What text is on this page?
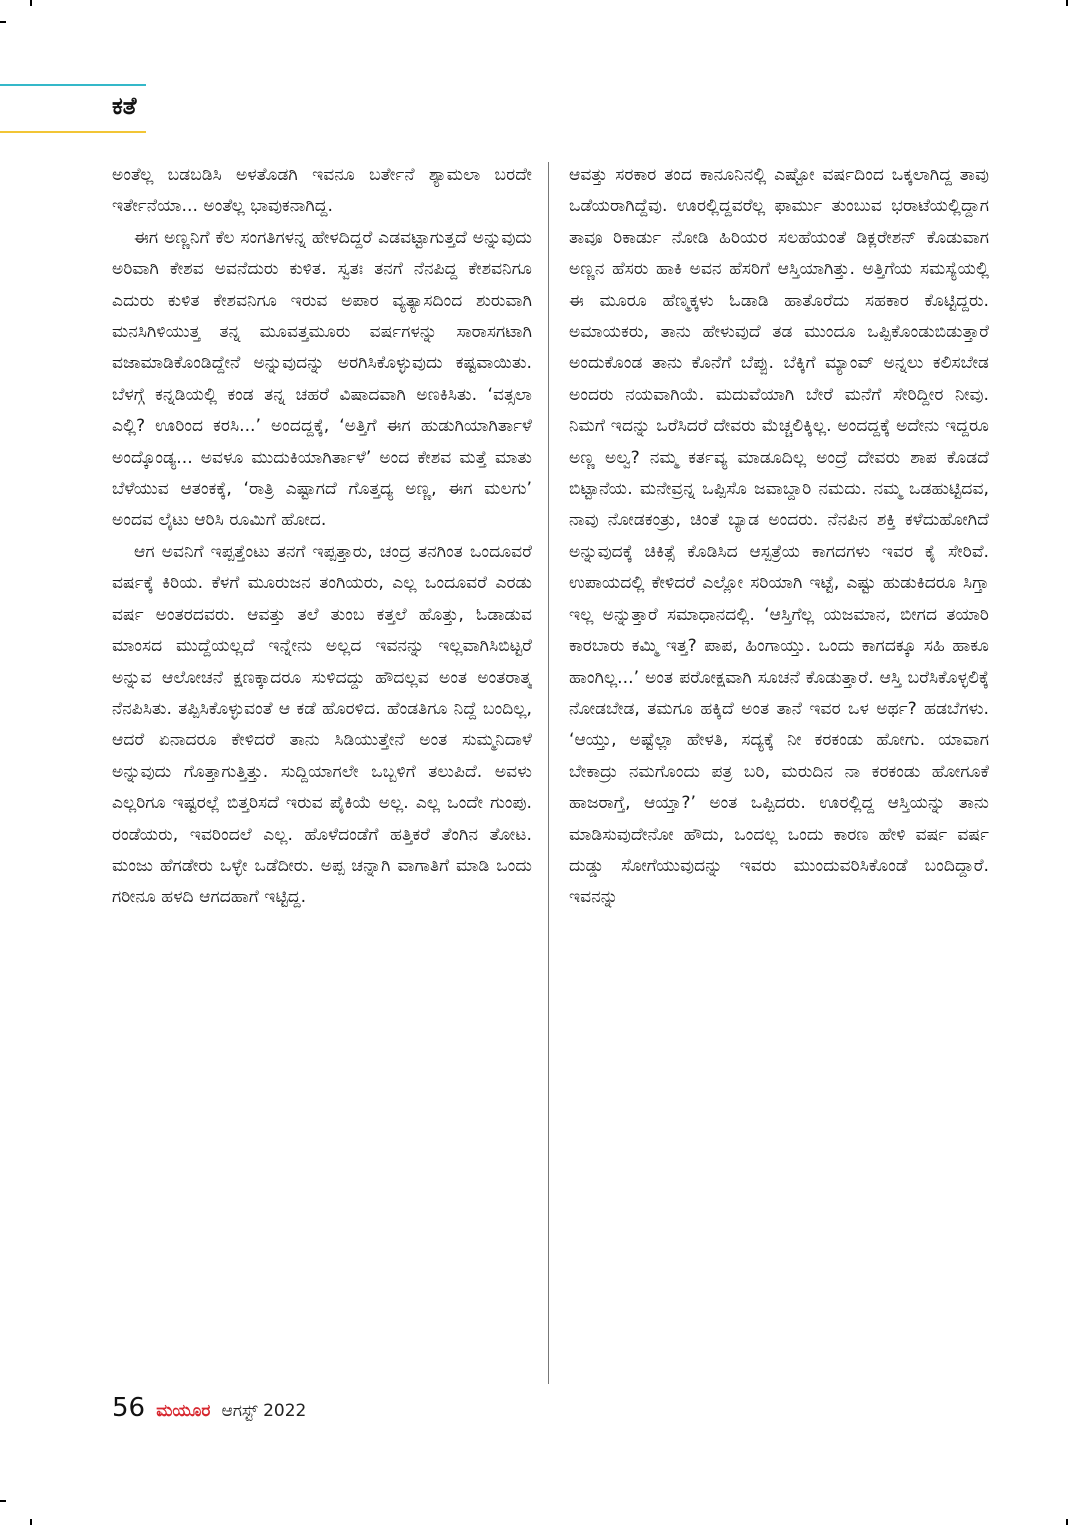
ಕತೆ

ಅಂತೆಲ್ಲ ಬಡಬಡಿಸಿ ಅಳತೊಡಗಿ ಇವನೂ ಬರ್ತೇನೆ ಶ್ಯಾಮಲಾ ಬರದೇ ಇರ್ತೇನೆಯಾ... ಅಂತೆಲ್ಲ ಭಾವುಕನಾಗಿದ್ದ.

ಈಗ ಅಣ್ಣನಿಗೆ ಕೆಲ ಸಂಗತಿಗಳನ್ನ ಹೇಳದಿದ್ದರೆ ಎಡವಟ್ಟಾಗುತ್ತದೆ ಅನ್ನುವುದು ಅರಿವಾಗಿ ಕೇಶವ ಅವನೆದುರು ಕುಳಿತ. ಸ್ವತಃ ತನಗೆ ನೆನಪಿದ್ದ ಕೇಶವನಿಗೂ ಎದುರು ಕುಳಿತ ಕೇಶವನಿಗೂ ಇರುವ ಅಪಾರ ವ್ಯತ್ಯಾಸದಿಂದ ಶುರುವಾಗಿ ಮನಸಿಗಿಳಿಯುತ್ತ ತನ್ನ ಮೂವತ್ತಮೂರು ವರ್ಷಗಳನ್ನು ಸಾರಾಸಗಟಾಗಿ ವಜಾಮಾಡಿಕೊಂಡಿದ್ದೇನೆ ಅನ್ನುವುದನ್ನು ಅರಗಿಸಿಕೊಳ್ಳುವುದು ಕಷ್ಟವಾಯಿತು. ಬೆಳಗ್ಗೆ ಕನ್ನಡಿಯಲ್ಲಿ ಕಂಡ ತನ್ನ ಚಹರೆ ವಿಷಾದವಾಗಿ ಅಣಕಿಸಿತು. ‘ವತ್ಸಲಾ ಎಲ್ಲಿ? ಊರಿಂದ ಕರಸಿ...’ ಅಂದದ್ದಕ್ಕೆ, ‘ಅತ್ತಿಗೆ ಈಗ ಹುಡುಗಿಯಾಗಿರ್ತಾಳೆ ಅಂದ್ಕೊಂಡ್ಯ... ಅವಳೂ ಮುದುಕಿಯಾಗಿರ್ತಾಳೆ’ ಅಂದ ಕೇಶವ ಮತ್ತೆ ಮಾತು ಬೆಳೆಯುವ ಆತಂಕಕ್ಕೆ, ‘ರಾತ್ರಿ ಎಷ್ಟಾಗದೆ ಗೊತ್ತದ್ಯ ಅಣ್ಣ, ಈಗ ಮಲಗು’ ಅಂದವ ಲೈಟು ಆರಿಸಿ ರೂಮಿಗೆ ಹೋದ.

ಆಗ ಅವನಿಗೆ ಇಪ್ಪತ್ತೆಂಟು ತನಗೆ ಇಪ್ಪತ್ತಾರು, ಚಂದ್ರ ತನಗಿಂತ ಒಂದೂವರೆ ವರ್ಷಕ್ಕೆ ಕಿರಿಯ. ಕೆಳಗೆ ಮೂರುಜನ ತಂಗಿಯರು, ಎಲ್ಲ ಒಂದೂವರೆ ಎರಡು ವರ್ಷ ಅಂತರದವರು. ಆವತ್ತು ತಲೆ ತುಂಬ ಕತ್ತಲೆ ಹೊತ್ತು, ಓಡಾಡುವ ಮಾಂಸದ ಮುದ್ದೆಯಲ್ಲದೆ ಇನ್ನೇನು ಅಲ್ಲದ ಇವನನ್ನು ಇಲ್ಲವಾಗಿಸಿಬಿಟ್ಟರೆ ಅನ್ನುವ ಆಲೋಚನೆ ಕ್ಷಣಕ್ಕಾದರೂ ಸುಳಿದದ್ದು ಹೌದಲ್ಲವ ಅಂತ ಅಂತರಾತ್ಮ ನೆನಪಿಸಿತು. ತಪ್ಪಿಸಿಕೊಳ್ಳುವಂತೆ ಆ ಕಡೆ ಹೊರಳಿದ. ಹೆಂಡತಿಗೂ ನಿದ್ದೆ ಬಂದಿಲ್ಲ, ಆದರೆ ಏನಾದರೂ ಕೇಳಿದರೆ ತಾನು ಸಿಡಿಯುತ್ತೇನೆ ಅಂತ ಸುಮ್ಮನಿದಾಳೆ ಅನ್ನುವುದು ಗೊತ್ತಾಗುತ್ತಿತ್ತು. ಸುದ್ದಿಯಾಗಲೇ ಒಬ್ಬಳಿಗೆ ತಲುಪಿದೆ. ಅವಳು ಎಲ್ಲರಿಗೂ ಇಷ್ಟರಲ್ಲೆ ಬಿತ್ತರಿಸದೆ ಇರುವ ಪೈಕಿಯೆ ಅಲ್ಲ. ಎಲ್ಲ ಒಂದೇ ಗುಂಪು. ರಂಡೆಯರು, ಇವರಿಂದಲೆ ಎಲ್ಲ. ಹೊಳೆದಂಡೆಗೆ ಹತ್ತಿಕರೆ ತೆಂಗಿನ ತೋಟ. ಮಂಜು ಹೆಗಡೇರು ಒಳ್ಳೇ ಒಡೆದೀರು. ಅಪ್ಪ ಚನ್ನಾಗಿ ವಾಗಾತಿಗೆ ಮಾಡಿ ಒಂದು ಗರೀನೂ ಹಳದಿ ಆಗದಹಾಗೆ ಇಟ್ಟಿದ್ದ.

ಆವತ್ತು ಸರಕಾರ ತಂದ ಕಾನೂನಿನಲ್ಲಿ ಎಷ್ಟೋ ವರ್ಷದಿಂದ ಒಕ್ಕಲಾಗಿದ್ದ ತಾವು ಒಡೆಯರಾಗಿದ್ದೆವು. ಊರಲ್ಲಿದ್ದವರೆಲ್ಲ ಫಾರ್ಮು ತುಂಬುವ ಭರಾಟೆಯಲ್ಲಿದ್ದಾಗ ತಾವೂ ರಿಕಾರ್ಡು ನೋಡಿ ಹಿರಿಯರ ಸಲಹೆಯಂತೆ ಡಿಕ್ಲರೇಶನ್ ಕೊಡುವಾಗ ಅಣ್ಣನ ಹೆಸರು ಹಾಕಿ ಅವನ ಹೆಸರಿಗೆ ಆಸ್ತಿಯಾಗಿತ್ತು. ಅತ್ತಿಗೆಯ ಸಮಸ್ಯೆಯಲ್ಲಿ ಈ ಮೂರೂ ಹೆಣ್ಮಕ್ಕಳು ಓಡಾಡಿ ಹಾತೊರೆದು ಸಹಕಾರ ಕೊಟ್ಟಿದ್ದರು. ಅಮಾಯಕರು, ತಾನು ಹೇಳುವುದೆ ತಡ ಮುಂದೂ ಒಪ್ಪಿಕೊಂಡುಬಿಡುತ್ತಾರೆ ಅಂದುಕೊಂಡ ತಾನು ಕೊನೆಗೆ ಬೆಪ್ಪು. ಬೆಕ್ಕಿಗೆ ಮ್ಯಾಂವ್ ಅನ್ನಲು ಕಲಿಸಬೇಡ ಅಂದರು ನಯವಾಗಿಯೆ. ಮದುವೆಯಾಗಿ ಬೇರೆ ಮನೆಗೆ ಸೇರಿದ್ದೀರ ನೀವು. ನಿಮಗೆ ಇದನ್ನು ಒರೆಸಿದರೆ ದೇವರು ಮೆಚ್ಚಲಿಕ್ಕಿಲ್ಲ. ಅಂದದ್ದಕ್ಕೆ ಅದೇನು ಇದ್ದರೂ ಅಣ್ಣ ಅಲ್ವ? ನಮ್ಮ ಕರ್ತವ್ಯ ಮಾಡೂದಿಲ್ಲ ಅಂದ್ರೆ ದೇವರು ಶಾಪ ಕೊಡದೆ ಬಿಟ್ಟಾನೆಯ. ಮನೇವ್ರನ್ನ ಒಪ್ಪಿಸೊ ಜವಾಬ್ದಾರಿ ನಮದು. ನಮ್ಮ ಒಡಹುಟ್ಟಿದವ, ನಾವು ನೋಡಕಂತ್ರು, ಚಿಂತೆ ಬ್ಯಾಡ ಅಂದರು. ನೆನಪಿನ ಶಕ್ತಿ ಕಳೆದುಹೋಗಿದೆ ಅನ್ನುವುದಕ್ಕೆ ಚಿಕಿತ್ಸೆ ಕೊಡಿಸಿದ ಆಸ್ಪತ್ರೆಯ ಕಾಗದಗಳು ಇವರ ಕೈ ಸೇರಿವೆ. ಉಪಾಯದಲ್ಲಿ ಕೇಳಿದರೆ ಎಲ್ಲೋ ಸರಿಯಾಗಿ ಇಟ್ಟೆ, ಎಷ್ಟು ಹುಡುಕಿದರೂ ಸಿಗ್ತಾ ಇಲ್ಲ ಅನ್ನುತ್ತಾರೆ ಸಮಾಧಾನದಲ್ಲಿ. ‘ಆಸ್ತಿಗೆಲ್ಲ ಯಜಮಾನ, ಬೀಗದ ತಯಾರಿ ಕಾರಬಾರು ಕಮ್ಮಿ ಇತ್ತ? ಪಾಪ, ಹಿಂಗಾಯ್ತು. ಒಂದು ಕಾಗದಕ್ಕೂ ಸಹಿ ಹಾಕೂ ಹಾಂಗಿಲ್ಲ...’ ಅಂತ ಪರೋಕ್ಷವಾಗಿ ಸೂಚನೆ ಕೊಡುತ್ತಾರೆ. ಆಸ್ತಿ ಬರೆಸಿಕೊಳ್ಳಲಿಕ್ಕೆ ನೋಡಬೇಡ, ತಮಗೂ ಹಕ್ಕಿದೆ ಅಂತ ತಾನೆ ಇವರ ಒಳ ಅರ್ಥ? ಹಡಬೆಗಳು. ‘ಆಯ್ತು, ಅಷ್ಟೆಲ್ಲಾ ಹೇಳತಿ, ಸದ್ಯಕ್ಕೆ ನೀ ಕರಕಂಡು ಹೋಗು. ಯಾವಾಗ ಬೇಕಾದ್ರು ನಮಗೊಂದು ಪತ್ರ ಬರಿ, ಮರುದಿನ ನಾ ಕರಕಂಡು ಹೋಗೂಕೆ ಹಾಜರಾಗ್ತೆ, ಆಯ್ತಾ?’ ಅಂತ ಒಪ್ಪಿದರು. ಊರಲ್ಲಿದ್ದ ಆಸ್ತಿಯನ್ನು ತಾನು ಮಾಡಿಸುವುದೇನೋ ಹೌದು, ಒಂದಲ್ಲ ಒಂದು ಕಾರಣ ಹೇಳಿ ವರ್ಷ ವರ್ಷ ದುಡ್ಡು ಸೋಗೆಯುವುದನ್ನು ಇವರು ಮುಂದುವರಿಸಿಕೊಂಡೆ ಬಂದಿದ್ದಾರೆ. ಇವನನ್ನು

56 ಮಯೂರ ಆಗಸ್ಟ್ 2022
